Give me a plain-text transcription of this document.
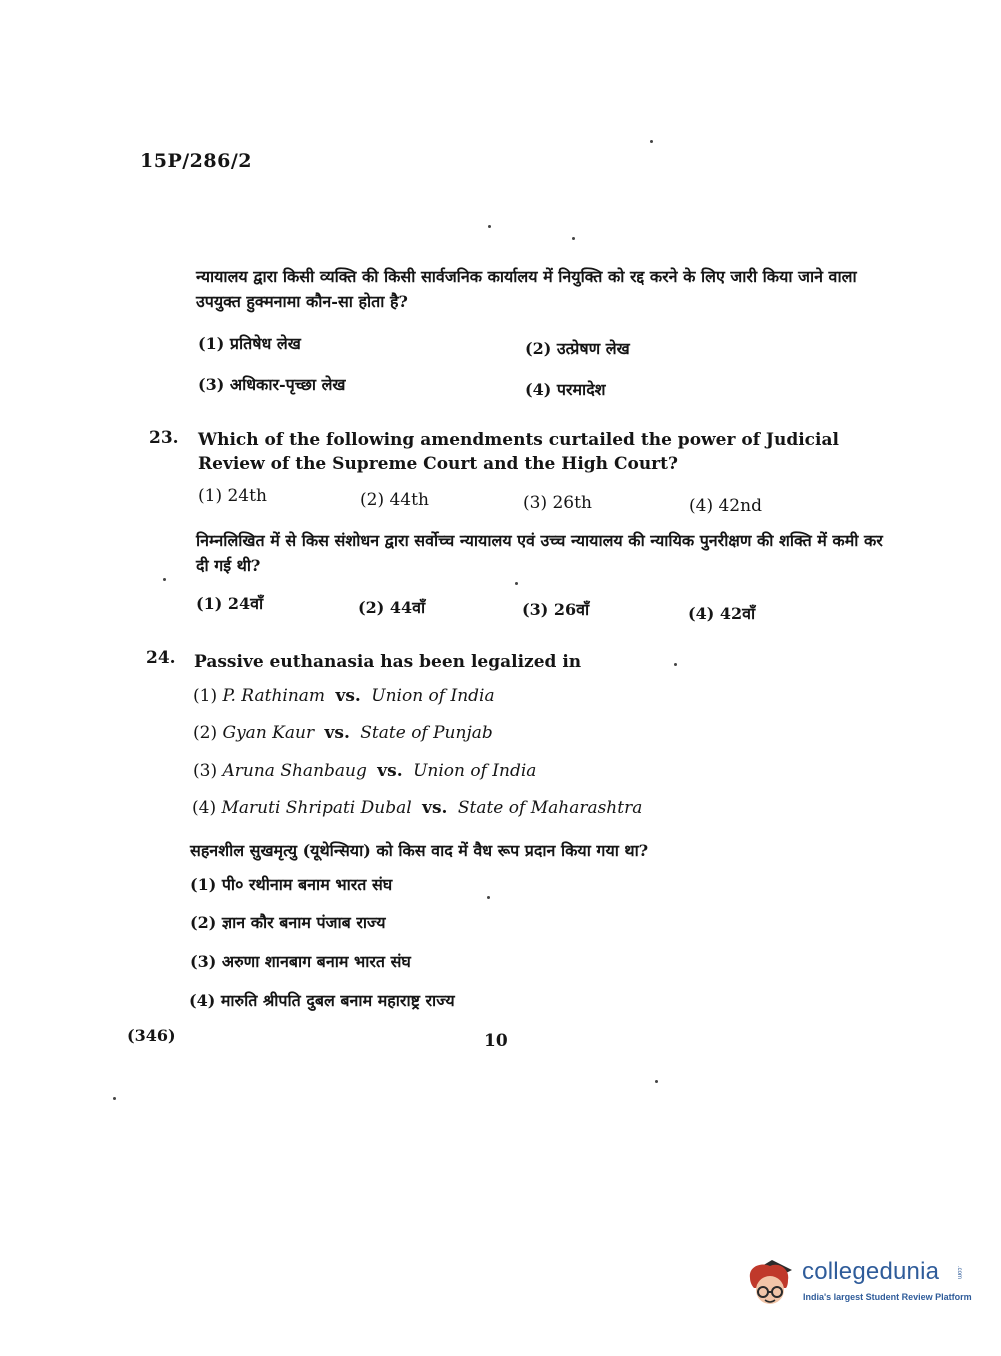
15P/286/2
न्यायालय द्वारा किसी व्यक्ति की किसी सार्वजनिक कार्यालय में नियुक्ति को रद्द करने के लिए जारी किया जाने वाला उपयुक्त हुक्मनामा कौन-सा होता है?
(1) प्रतिषेध लेख	(2) उत्प्रेषण लेख
(3) अधिकार-पृच्छा लेख	(4) परमादेश
23. Which of the following amendments curtailed the power of Judicial Review of the Supreme Court and the High Court?
(1) 24th	(2) 44th	(3) 26th	(4) 42nd
निम्नलिखित में से किस संशोधन द्वारा सर्वोच्च न्यायालय एवं उच्च न्यायालय की न्यायिक पुनरीक्षण की शक्ति में कमी कर दी गई थी?
(1) 24वाँ	(2) 44वाँ	(3) 26वाँ	(4) 42वाँ
24. Passive euthanasia has been legalized in
(1) P. Rathinam vs. Union of India
(2) Gyan Kaur vs. State of Punjab
(3) Aruna Shanbaug vs. Union of India
(4) Maruti Shripati Dubal vs. State of Maharashtra
सहनशील सुखमृत्यु (यूथेन्सिया) को किस वाद में वैध रूप प्रदान किया गया था?
(1) पी० रथीनाम बनाम भारत संघ
(2) ज्ञान कौर बनाम पंजाब राज्य
(3) अरुणा शानबाग बनाम भारत संघ
(4) मारुति श्रीपति दुबल बनाम महाराष्ट्र राज्य
(346)	10
collegedunia	.com
India's largest Student Review Platform
